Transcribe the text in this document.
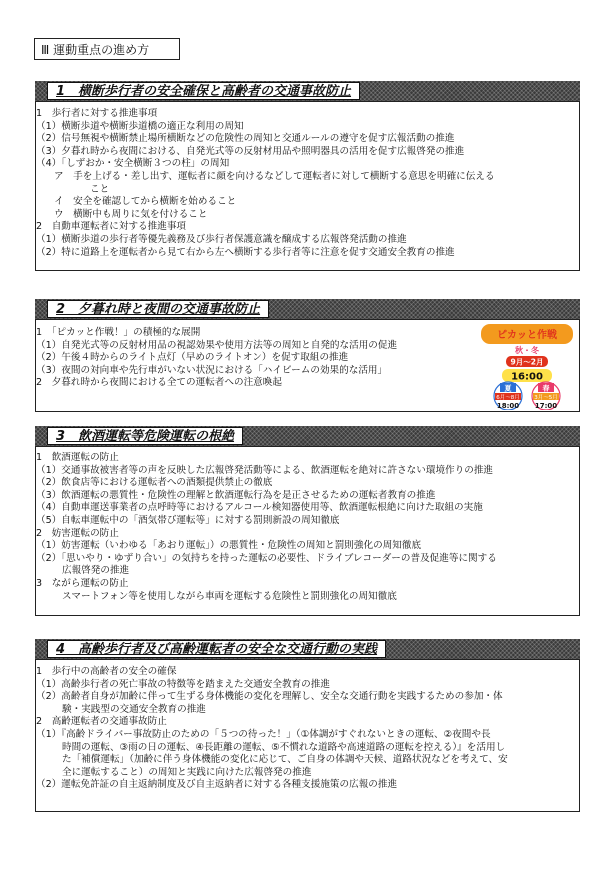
Ⅲ 運動重点の進め方
1　横断歩行者の安全確保と高齢者の交通事故防止
1　歩行者に対する推進事項
（1）横断歩道や横断歩道橋の適正な利用の周知
（2）信号無視や横断禁止場所横断などの危険性の周知と交通ルールの遵守を促す広報活動の推進
（3）夕暮れ時から夜間における、自発光式等の反射材用品や照明器具の活用を促す広報啓発の推進
（4）「しずおか・安全横断３つの柱」の周知
ア　手を上げる・差し出す、運転者に顔を向けるなどして運転者に対して横断する意思を明確に伝える
こと
イ　安全を確認してから横断を始めること
ウ　横断中も周りに気を付けること
2　自動車運転者に対する推進事項
（1）横断歩道の歩行者等優先義務及び歩行者保護意識を醸成する広報啓発活動の推進
（2）特に道路上を運転者から見て右から左へ横断する歩行者等に注意を促す交通安全教育の推進
2　夕暮れ時と夜間の交通事故防止
1　「ピカッと作戦！」の積極的な展開
（1）自発光式等の反射材用品の視認効果や使用方法等の周知と自発的な活用の促進
（2）午後４時からのライト点灯（早めのライトオン）を促す取組の推進
（3）夜間の対向車や先行車がいない状況における「ハイビームの効果的な活用」
2　夕暮れ時から夜間における全ての運転者への注意喚起
ピカッと作戦
秋・冬
9月～2月
16:00
夏
6月～8月
18:00
春
3月～5月
17:00
3　飲酒運転等危険運転の根絶
1　飲酒運転の防止
（1）交通事故被害者等の声を反映した広報啓発活動等による、飲酒運転を絶対に許さない環境作りの推進
（2）飲食店等における運転者への酒類提供禁止の徹底
（3）飲酒運転の悪質性・危険性の理解と飲酒運転行為を是正させるための運転者教育の推進
（4）自動車運送事業者の点呼時等におけるアルコール検知器使用等、飲酒運転根絶に向けた取組の実施
（5）自転車運転中の「酒気帯び運転等」に対する罰則新設の周知徹底
2　妨害運転の防止
（1）妨害運転（いわゆる「あおり運転」）の悪質性・危険性の周知と罰則強化の周知徹底
（2）「思いやり・ゆずり合い」の気持ちを持った運転の必要性、ドライブレコーダーの普及促進等に関する
広報啓発の推進
3　ながら運転の防止
スマートフォン等を使用しながら車両を運転する危険性と罰則強化の周知徹底
4　高齢歩行者及び高齢運転者の安全な交通行動の実践
1　歩行中の高齢者の安全の確保
（1）高齢歩行者の死亡事故の特徴等を踏まえた交通安全教育の推進
（2）高齢者自身が加齢に伴って生ずる身体機能の変化を理解し、安全な交通行動を実践するための参加・体
験・実践型の交通安全教育の推進
2　高齢運転者の交通事故防止
（1）『高齢ドライバー事故防止のための「５つの待った！」（①体調がすぐれないときの運転、②夜間や長
時間の運転、③雨の日の運転、④長距離の運転、⑤不慣れな道路や高速道路の運転を控える）』を活用し
た「補償運転」（加齢に伴う身体機能の変化に応じて、ご自身の体調や天候、道路状況などを考えて、安
全に運転すること）の周知と実践に向けた広報啓発の推進
（2）運転免許証の自主返納制度及び自主返納者に対する各種支援施策の広報の推進
